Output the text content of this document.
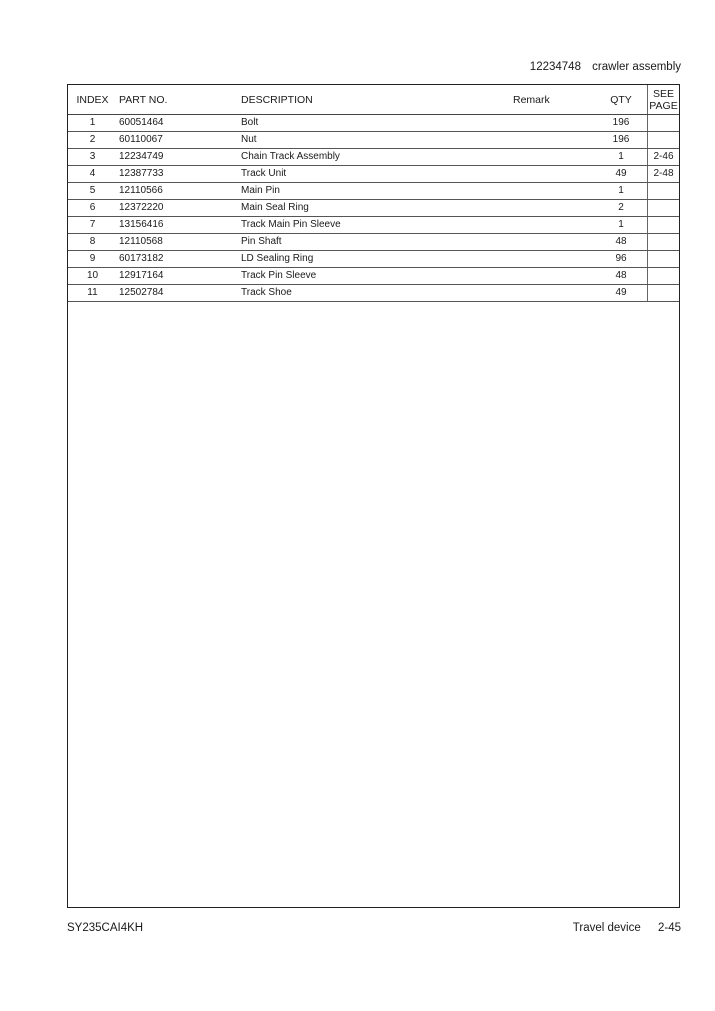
12234748 crawler assembly
INDEX	PART NO.	DESCRIPTION	Remark	QTY	SEE
PAGE

1	60051464	Bolt		196	
2	60110067	Nut		196	
3	12234749	Chain Track Assembly		1	2-46
4	12387733	Track Unit		49	2-48
5	12110566	Main Pin		1	
6	12372220	Main Seal Ring		2	
7	13156416	Track Main Pin Sleeve		1	
8	12110568	Pin Shaft		48	
9	60173182	LD Sealing Ring		96	
10	12917164	Track Pin Sleeve		48	
11	12502784	Track Shoe		49	
SY235CAI4KH	Travel device 2-45
